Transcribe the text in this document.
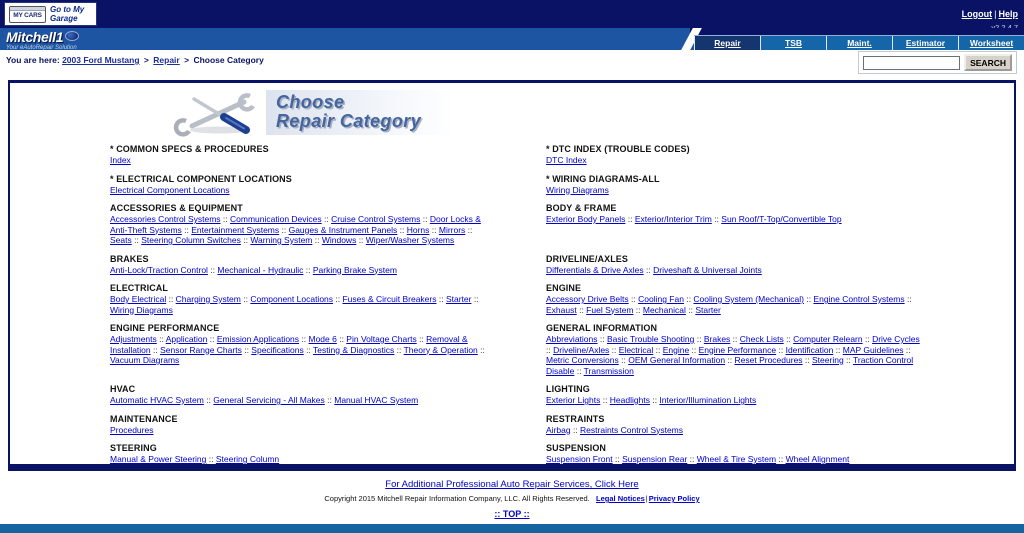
MY CARS
Go to My Garage	Logout | Help
Mitchell1
Your eAutoRepair Solution	Repair	TSB	Maint.	Estimator	Worksheet
You are here: 2003 Ford Mustang > Repair > Choose Category	SEARCH
Choose
Repair Category
* COMMON SPECS & PROCEDURES
Index
* ELECTRICAL COMPONENT LOCATIONS
Electrical Component Locations
ACCESSORIES & EQUIPMENT
Accessories Control Systems :: Communication Devices :: Cruise Control Systems :: Door Locks & Anti-Theft Systems :: Entertainment Systems :: Gauges & Instrument Panels :: Horns :: Mirrors :: Seats :: Steering Column Switches :: Warning System :: Windows :: Wiper/Washer Systems
BRAKES
Anti-Lock/Traction Control :: Mechanical - Hydraulic :: Parking Brake System
ELECTRICAL
Body Electrical :: Charging System :: Component Locations :: Fuses & Circuit Breakers :: Starter :: Wiring Diagrams
ENGINE PERFORMANCE
Adjustments :: Application :: Emission Applications :: Mode 6 :: Pin Voltage Charts :: Removal & Installation :: Sensor Range Charts :: Specifications :: Testing & Diagnostics :: Theory & Operation :: Vacuum Diagrams
HVAC
Automatic HVAC System :: General Servicing - All Makes :: Manual HVAC System
MAINTENANCE
Procedures
STEERING
Manual & Power Steering :: Steering Column
* DTC INDEX (TROUBLE CODES)
DTC Index
* WIRING DIAGRAMS-ALL
Wiring Diagrams
BODY & FRAME
Exterior Body Panels :: Exterior/Interior Trim :: Sun Roof/T-Top/Convertible Top
DRIVELINE/AXLES
Differentials & Drive Axles :: Driveshaft & Universal Joints
ENGINE
Accessory Drive Belts :: Cooling Fan :: Cooling System (Mechanical) :: Engine Control Systems :: Exhaust :: Fuel System :: Mechanical :: Starter
GENERAL INFORMATION
Abbreviations :: Basic Trouble Shooting :: Brakes :: Check Lists :: Computer Relearn :: Drive Cycles :: Driveline/Axles :: Electrical :: Engine :: Engine Performance :: Identification :: MAP Guidelines :: Metric Conversions :: OEM General Information :: Reset Procedures :: Steering :: Traction Control Disable :: Transmission
LIGHTING
Exterior Lights :: Headlights :: Interior/Illumination Lights
RESTRAINTS
Airbag :: Restraints Control Systems
SUSPENSION
Suspension Front :: Suspension Rear :: Wheel & Tire System :: Wheel Alignment
For Additional Professional Auto Repair Services, Click Here
Copyright 2015 Mitchell Repair Information Company, LLC. All Rights Reserved. Legal Notices|Privacy Policy
:: TOP ::
